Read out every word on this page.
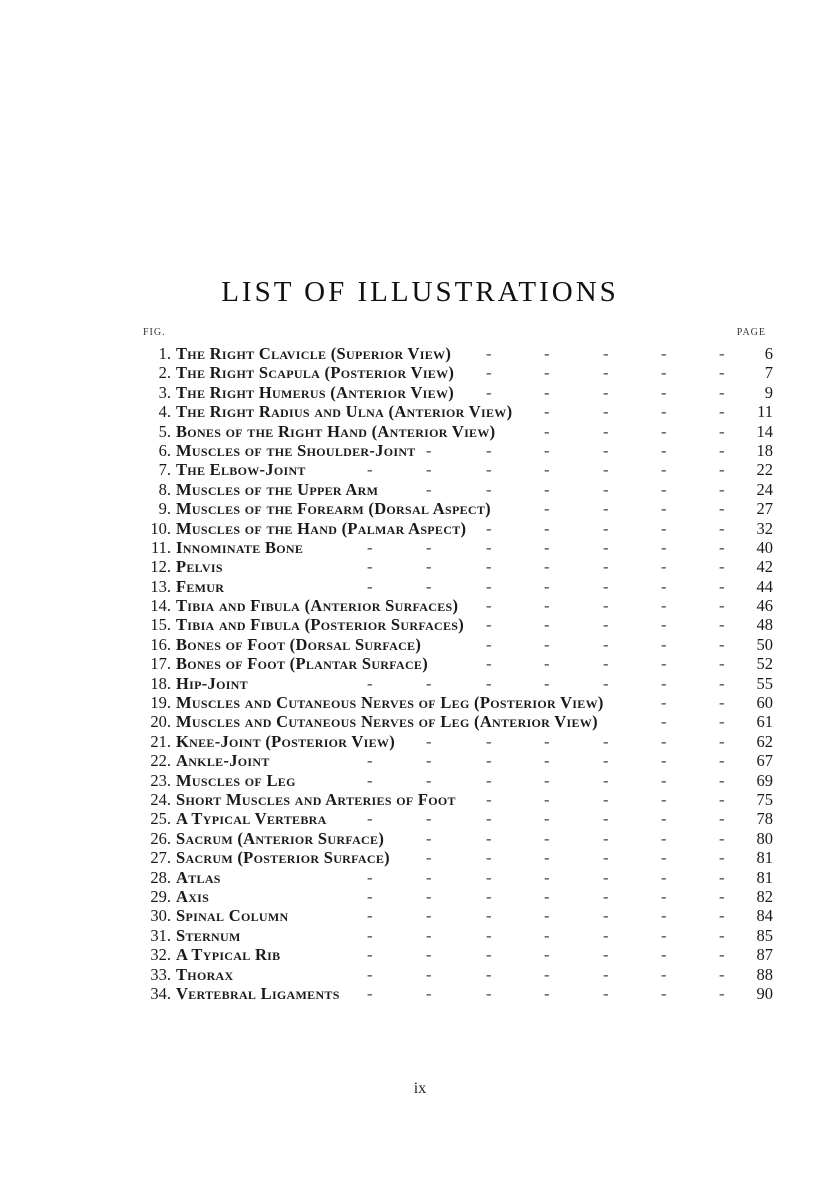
LIST OF ILLUSTRATIONS
FIG.	PAGE
-	-	-	-	-
1. The Right Clavicle (Superior View)	6
-	-	-	-	-
2. The Right Scapula (Posterior View)	7
-	-	-	-	-
3. The Right Humerus (Anterior View)	9
-	-	-	-
4. The Right Radius and Ulna (Anterior View)	11
-	-	-	-
5. Bones of the Right Hand (Anterior View)	14
-	-	-	-	-	-
6. Muscles of the Shoulder-Joint	18
-	-	-	-	-	-	-
7. The Elbow-Joint	22
-	-	-	-	-	-
8. Muscles of the Upper Arm	24
-	-	-	-
9. Muscles of the Forearm (Dorsal Aspect)	27
-	-	-	-	-
10. Muscles of the Hand (Palmar Aspect)	32
-	-	-	-	-	-	-
11. Innominate Bone	40
-	-	-	-	-	-	-
12. Pelvis	42
-	-	-	-	-	-	-
13. Femur	44
-	-	-	-	-
14. Tibia and Fibula (Anterior Surfaces)	46
-	-	-	-	-
15. Tibia and Fibula (Posterior Surfaces)	48
-	-	-	-	-
16. Bones of Foot (Dorsal Surface)	50
-	-	-	-	-
17. Bones of Foot (Plantar Surface)	52
-	-	-	-	-	-	-
18. Hip-Joint	55
-	-
19. Muscles and Cutaneous Nerves of Leg (Posterior View)	60
-	-
20. Muscles and Cutaneous Nerves of Leg (Anterior View)	61
-	-	-	-	-	-
21. Knee-Joint (Posterior View)	62
-	-	-	-	-	-	-
22. Ankle-Joint	67
-	-	-	-	-	-	-
23. Muscles of Leg	69
-	-	-	-	-
24. Short Muscles and Arteries of Foot	75
-	-	-	-	-	-	-
25. A Typical Vertebra	78
-	-	-	-	-	-
26. Sacrum (Anterior Surface)	80
-	-	-	-	-	-
27. Sacrum (Posterior Surface)	81
-	-	-	-	-	-	-
28. Atlas	81
-	-	-	-	-	-	-
29. Axis	82
-	-	-	-	-	-	-
30. Spinal Column	84
-	-	-	-	-	-	-
31. Sternum	85
-	-	-	-	-	-	-
32. A Typical Rib	87
-	-	-	-	-	-	-
33. Thorax	88
-	-	-	-	-	-	-
34. Vertebral Ligaments	90
ix
